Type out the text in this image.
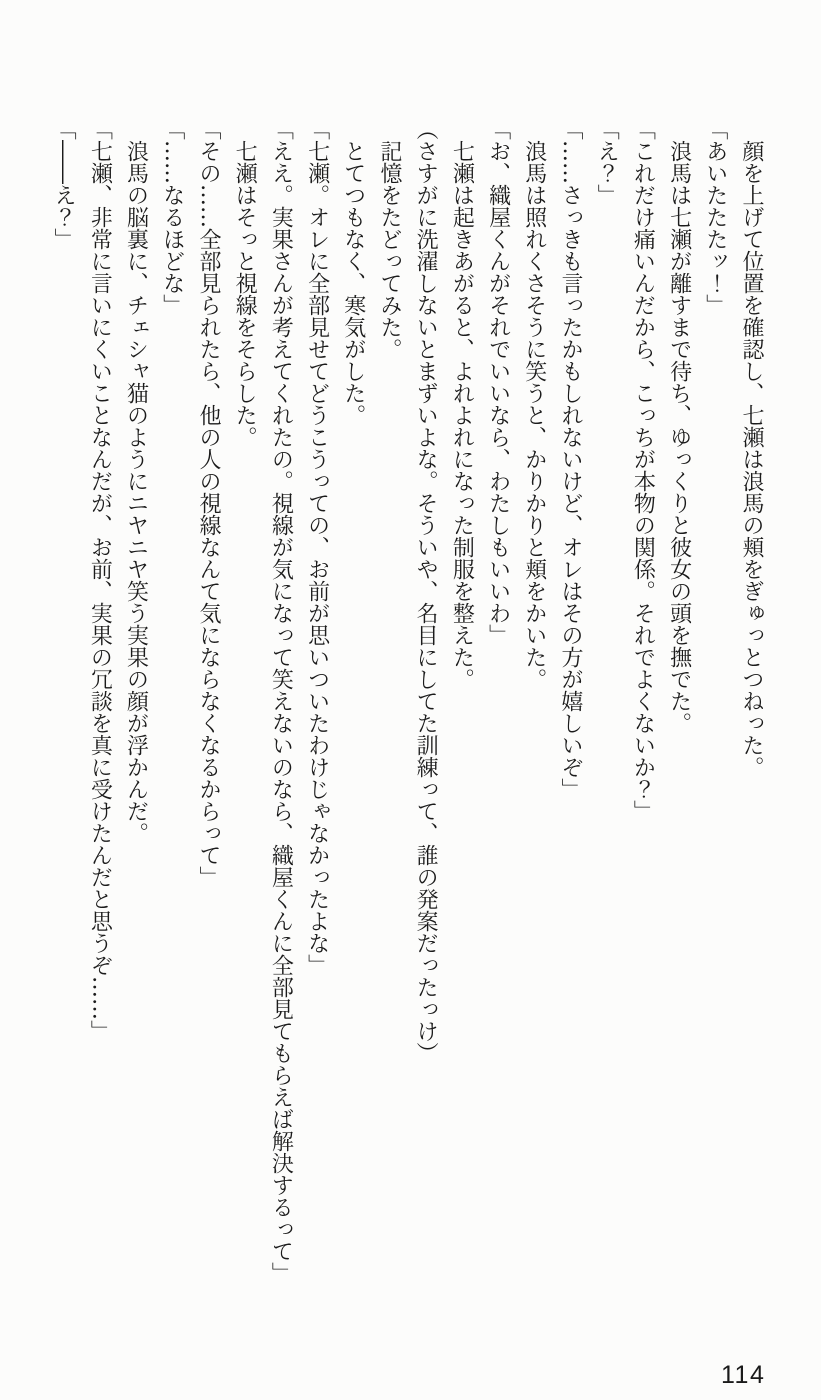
顔を上げて位置を確認し、七瀬は浪馬の頬をぎゅっとつねった。

「あいたたたッ！」

浪馬は七瀬が離すまで待ち、ゆっくりと彼女の頭を撫でた。

「これだけ痛いんだから、こっちが本物の関係。それでよくないか？」

「え？」

「……さっきも言ったかもしれないけど、オレはその方が嬉しいぞ」

浪馬は照れくさそうに笑うと、かりかりと頬をかいた。

「お、織屋くんがそれでいいなら、わたしもいいわ」

七瀬は起きあがると、よれよれになった制服を整えた。

（さすがに洗濯しないとまずいよな。そういや、名目にしてた訓練って、誰の発案だったっけ）

記憶をたどってみた。

とてつもなく、寒気がした。

「七瀬。オレに全部見せてどうこうっての、お前が思いついたわけじゃなかったよな」

「ええ。実果さんが考えてくれたの。視線が気になって笑えないのなら、織屋くんに全部見てもらえば解決するって」

七瀬はそっと視線をそらした。

「その……全部見られたら、他の人の視線なんて気にならなくなるからって」

「……なるほどな」

浪馬の脳裏に、チェシャ猫のようにニヤニヤ笑う実果の顔が浮かんだ。

「七瀬、非常に言いにくいことなんだが、お前、実果の冗談を真に受けたんだと思うぞ……」

「――え？」

114
